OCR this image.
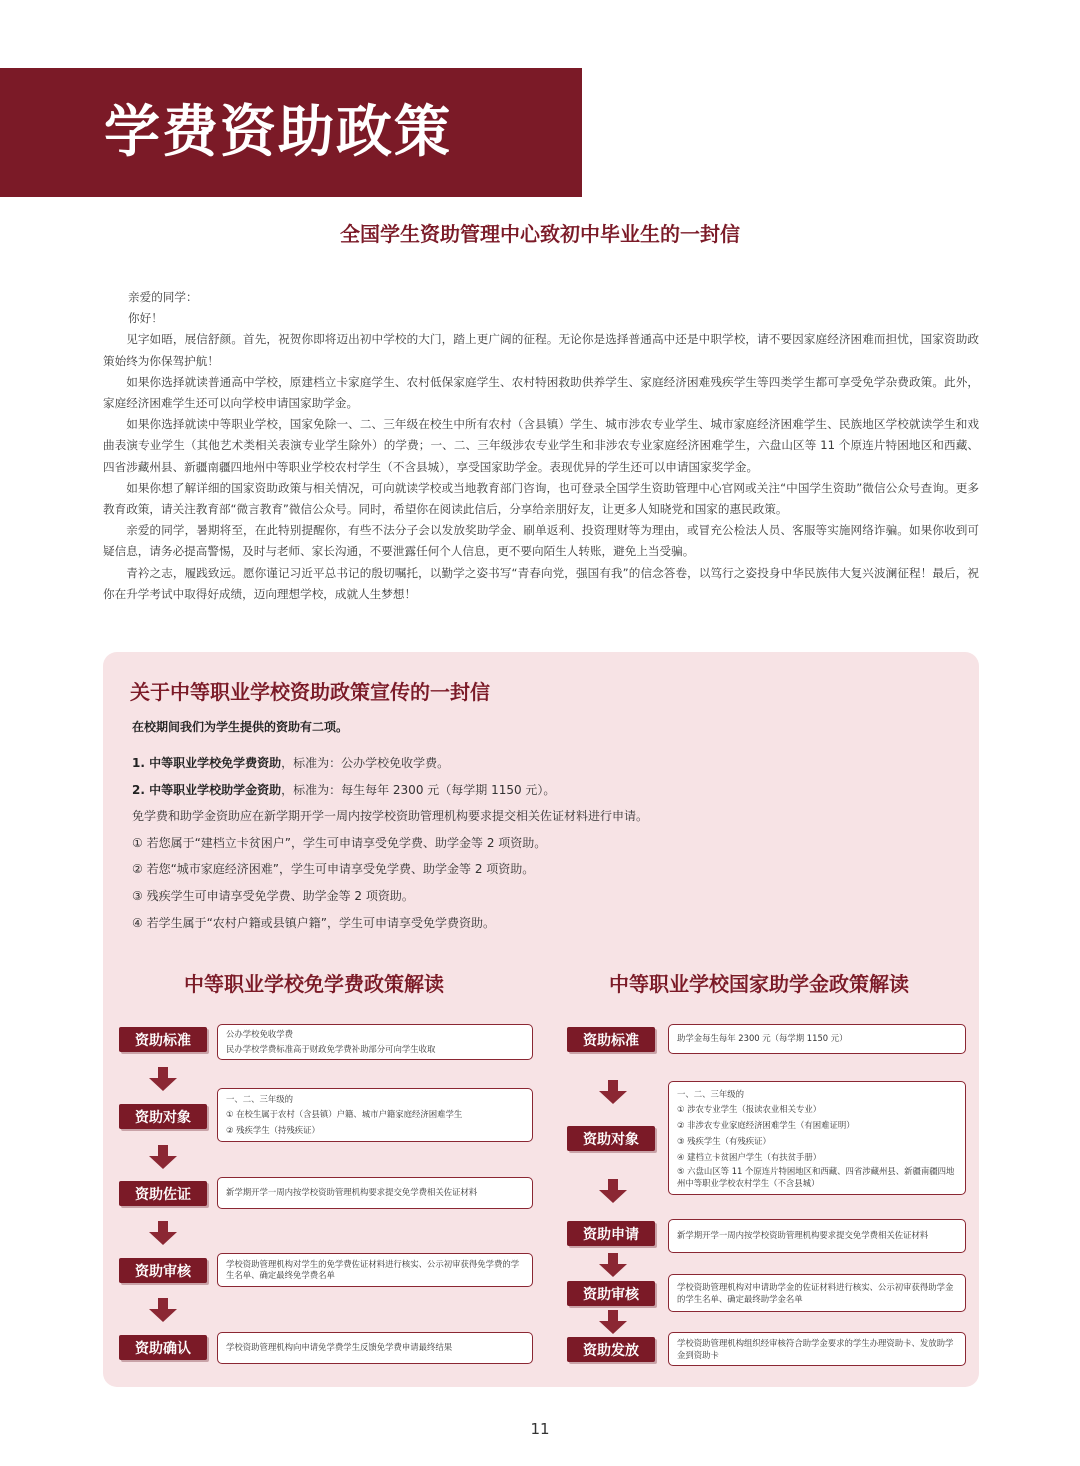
学费资助政策
全国学生资助管理中心致初中毕业生的一封信

亲爱的同学：

你好！

见字如晤，展信舒颜。首先，祝贺你即将迈出初中学校的大门，踏上更广阔的征程。无论你是选择普通高中还是中职学校，请不要因家庭经济困难而担忧，国家资助政策始终为你保驾护航！

如果你选择就读普通高中学校，原建档立卡家庭学生、农村低保家庭学生、农村特困救助供养学生、家庭经济困难残疾学生等四类学生都可享受免学杂费政策。此外，家庭经济困难学生还可以向学校申请国家助学金。

如果你选择就读中等职业学校，国家免除一、二、三年级在校生中所有农村（含县镇）学生、城市涉农专业学生、城市家庭经济困难学生、民族地区学校就读学生和戏曲表演专业学生（其他艺术类相关表演专业学生除外）的学费；一、二、三年级涉农专业学生和非涉农专业家庭经济困难学生，六盘山区等 11 个原连片特困地区和西藏、四省涉藏州县、新疆南疆四地州中等职业学校农村学生（不含县城），享受国家助学金。表现优异的学生还可以申请国家奖学金。

如果你想了解详细的国家资助政策与相关情况，可向就读学校或当地教育部门咨询，也可登录全国学生资助管理中心官网或关注“中国学生资助”微信公众号查询。更多教育政策，请关注教育部“微言教育”微信公众号。同时，希望你在阅读此信后，分享给亲朋好友，让更多人知晓党和国家的惠民政策。

亲爱的同学，暑期将至，在此特别提醒你，有些不法分子会以发放奖助学金、刷单返利、投资理财等为理由，或冒充公检法人员、客服等实施网络诈骗。如果你收到可疑信息，请务必提高警惕，及时与老师、家长沟通，不要泄露任何个人信息，更不要向陌生人转账，避免上当受骗。

青衿之志，履践致远。愿你谨记习近平总书记的殷切嘱托，以勤学之姿书写“青春向党，强国有我”的信念答卷，以笃行之姿投身中华民族伟大复兴波澜征程！最后，祝你在升学考试中取得好成绩，迈向理想学校，成就人生梦想！

关于中等职业学校资助政策宣传的一封信
在校期间我们为学生提供的资助有二项。
1. 中等职业学校免学费资助，标准为：公办学校免收学费。
2. 中等职业学校助学金资助，标准为：每生每年 2300 元（每学期 1150 元）。
免学费和助学金资助应在新学期开学一周内按学校资助管理机构要求提交相关佐证材料进行申请。
① 若您属于“建档立卡贫困户”，学生可申请享受免学费、助学金等 2 项资助。
② 若您“城市家庭经济困难”，学生可申请享受免学费、助学金等 2 项资助。
③ 残疾学生可申请享受免学费、助学金等 2 项资助。
④ 若学生属于“农村户籍或县镇户籍”，学生可申请享受免学费资助。
中等职业学校免学费政策解读
资助标准	公办学校免收学费
民办学校学费标准高于财政免学费补助部分可向学生收取
资助对象
一、二、三年级的
① 在校生属于农村（含县镇）户籍、城市户籍家庭经济困难学生
② 残疾学生（持残疾证）
资助佐证	新学期开学一周内按学校资助管理机构要求提交免学费相关佐证材料
资助审核	学校资助管理机构对学生的免学费佐证材料进行核实、公示初审获得免学费的学生名单、确定最终免学费名单
资助确认	学校资助管理机构向申请免学费学生反馈免学费申请最终结果
中等职业学校国家助学金政策解读
资助标准	助学金每生每年 2300 元（每学期 1150 元）
资助对象
一、二、三年级的
① 涉农专业学生（报读农业相关专业）
② 非涉农专业家庭经济困难学生（有困难证明）
③ 残疾学生（有残疾证）
④ 建档立卡贫困户学生（有扶贫手册）
⑤ 六盘山区等 11 个原连片特困地区和西藏、四省涉藏州县、新疆南疆四地州中等职业学校农村学生（不含县城）
资助申请	新学期开学一周内按学校资助管理机构要求提交免学费相关佐证材料
资助审核	学校资助管理机构对申请助学金的佐证材料进行核实、公示初审获得助学金的学生名单、确定最终助学金名单
资助发放	学校资助管理机构组织经审核符合助学金要求的学生办理资助卡、发放助学金到资助卡
11
